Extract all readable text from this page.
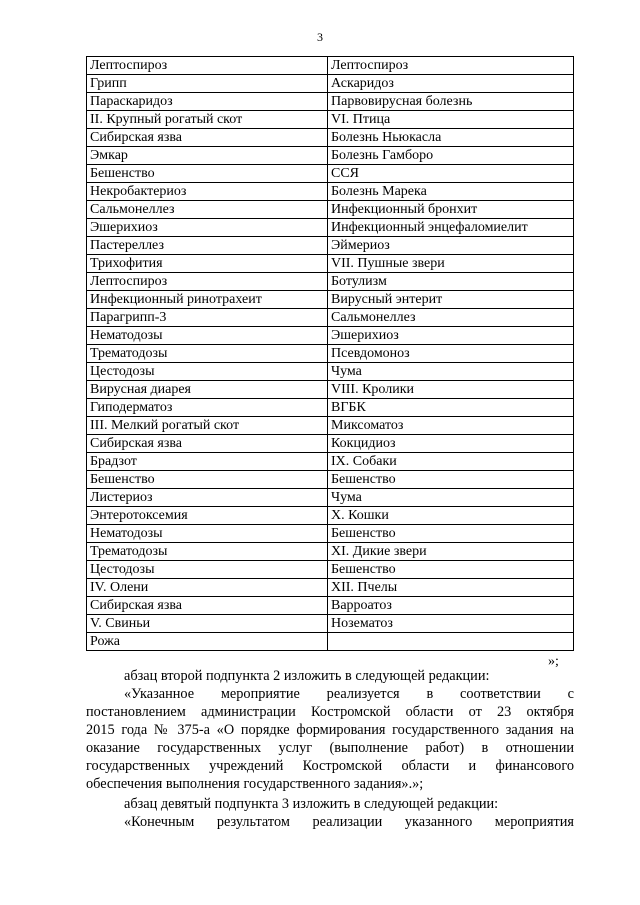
3
Лептоспироз	Лептоспироз
Грипп	Аскаридоз
Параскаридоз	Парвовирусная болезнь
II. Крупный рогатый скот	VI. Птица
Сибирская язва	Болезнь Ньюкасла
Эмкар	Болезнь Гамборо
Бешенство	ССЯ
Некробактериоз	Болезнь Марека
Сальмонеллез	Инфекционный бронхит
Эшерихиоз	Инфекционный энцефаломиелит
Пастереллез	Эймериоз
Трихофития	VII. Пушные звери
Лептоспироз	Ботулизм
Инфекционный ринотрахеит	Вирусный энтерит
Парагрипп-3	Сальмонеллез
Нематодозы	Эшерихиоз
Трематодозы	Псевдомоноз
Цестодозы	Чума
Вирусная диарея	VIII. Кролики
Гиподерматоз	ВГБК
III. Мелкий рогатый скот	Миксоматоз
Сибирская язва	Кокцидиоз
Брадзот	IX. Собаки
Бешенство	Бешенство
Листериоз	Чума
Энтеротоксемия	X. Кошки
Нематодозы	Бешенство
Трематодозы	XI. Дикие звери
Цестодозы	Бешенство
IV. Олени	XII. Пчелы
Сибирская язва	Варроатоз
V. Свиньи	Нозематоз
Рожа	
»;

абзац второй подпункта 2 изложить в следующей редакции:

«Указанное мероприятие реализуется в соответствии с

постановлением администрации Костромской области от 23 октября

2015 года № 375-а «О порядке формирования государственного задания на

оказание государственных услуг (выполнение работ) в отношении

государственных учреждений Костромской области и финансового

обеспечения выполнения государственного задания».»;

абзац девятый подпункта 3 изложить в следующей редакции:

«Конечным результатом реализации указанного мероприятия
